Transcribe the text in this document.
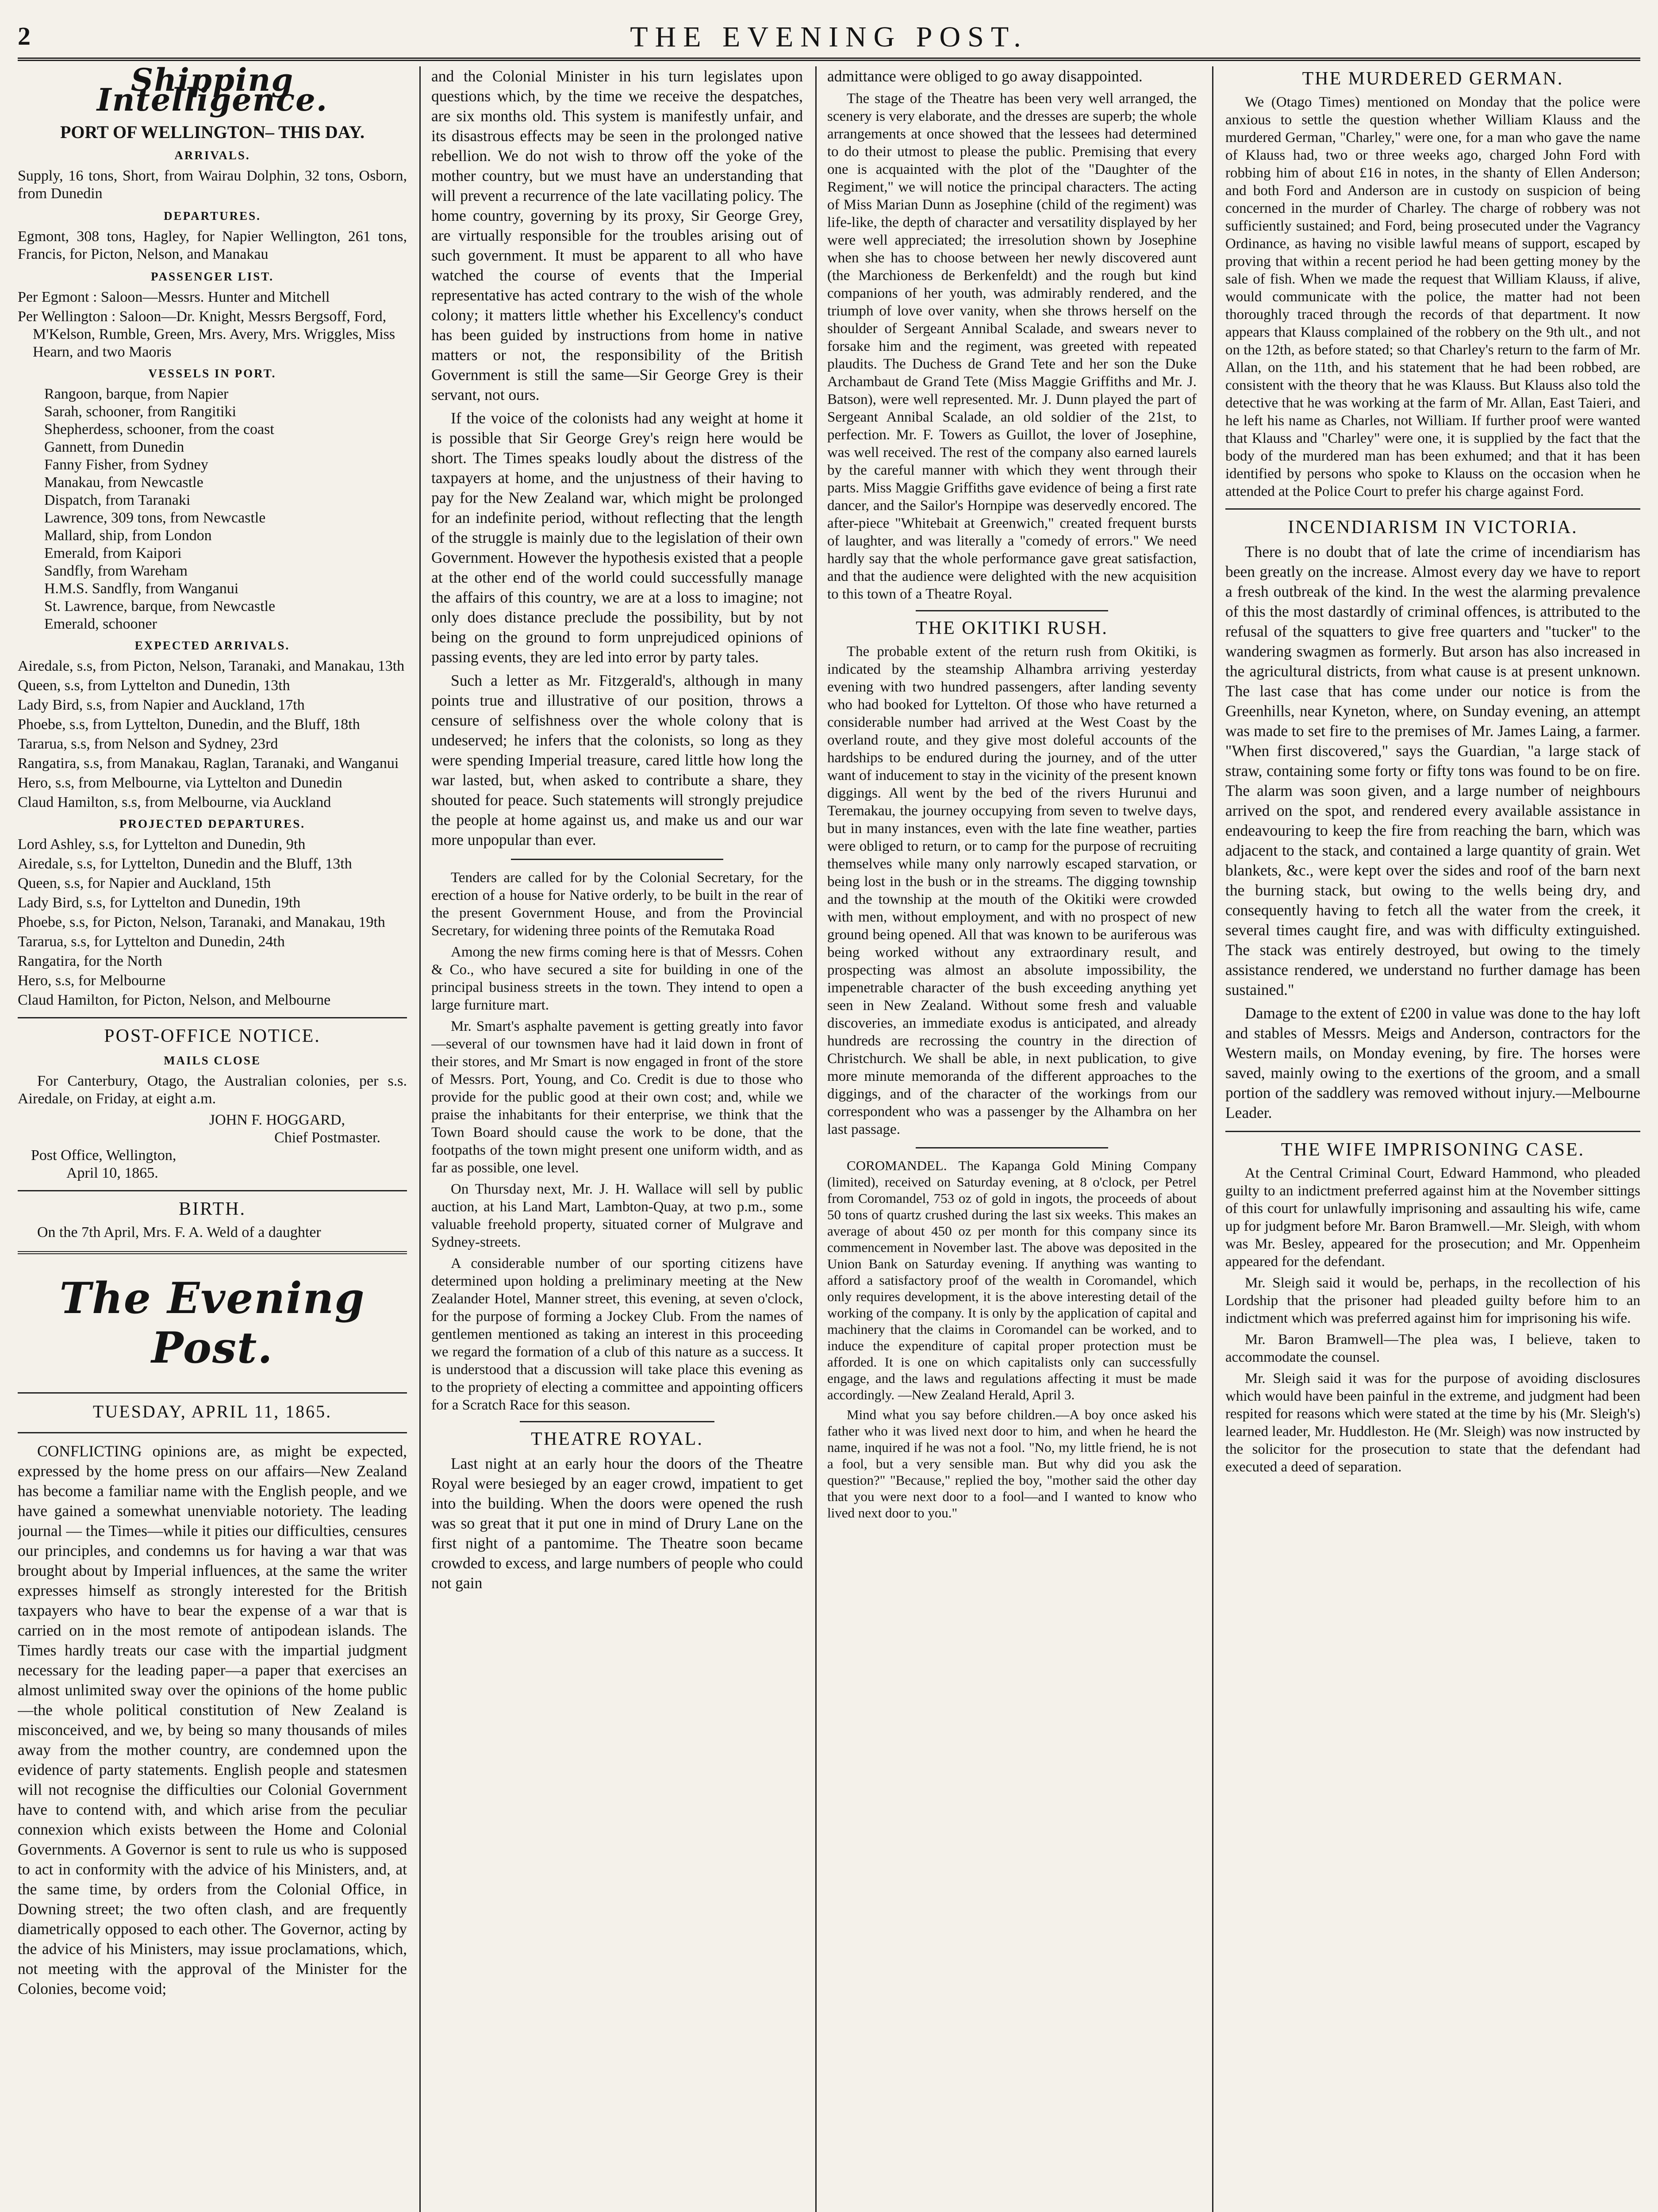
2	THE EVENING POST.
Shipping Intelligence.
PORT OF WELLINGTON– THIS DAY.
ARRIVALS.

Supply, 16 tons, Short, from Wairau Dolphin, 32 tons, Osborn, from Dunedin

DEPARTURES.

Egmont, 308 tons, Hagley, for Napier Wellington, 261 tons, Francis, for Picton, Nelson, and Manakau

PASSENGER LIST.

Per Egmont : Saloon—Messrs. Hunter and Mitchell

Per Wellington : Saloon—Dr. Knight, Messrs Bergsoff, Ford, M'Kelson, Rumble, Green, Mrs. Avery, Mrs. Wriggles, Miss Hearn, and two Maoris

VESSELS IN PORT.
Rangoon, barque, from Napier
Sarah, schooner, from Rangitiki
Shepherdess, schooner, from the coast
Gannett, from Dunedin
Fanny Fisher, from Sydney
Manakau, from Newcastle
Dispatch, from Taranaki
Lawrence, 309 tons, from Newcastle
Mallard, ship, from London
Emerald, from Kaipori
Sandfly, from Wareham
H.M.S. Sandfly, from Wanganui
St. Lawrence, barque, from Newcastle
Emerald, schooner
EXPECTED ARRIVALS.

Airedale, s.s, from Picton, Nelson, Taranaki, and Manakau, 13th

Queen, s.s, from Lyttelton and Dunedin, 13th

Lady Bird, s.s, from Napier and Auckland, 17th

Phoebe, s.s, from Lyttelton, Dunedin, and the Bluff, 18th

Tararua, s.s, from Nelson and Sydney, 23rd

Rangatira, s.s, from Manakau, Raglan, Taranaki, and Wanganui

Hero, s.s, from Melbourne, via Lyttelton and Dunedin

Claud Hamilton, s.s, from Melbourne, via Auckland

PROJECTED DEPARTURES.

Lord Ashley, s.s, for Lyttelton and Dunedin, 9th

Airedale, s.s, for Lyttelton, Dunedin and the Bluff, 13th

Queen, s.s, for Napier and Auckland, 15th

Lady Bird, s.s, for Lyttelton and Dunedin, 19th

Phoebe, s.s, for Picton, Nelson, Taranaki, and Manakau, 19th

Tararua, s.s, for Lyttelton and Dunedin, 24th

Rangatira, for the North

Hero, s.s, for Melbourne

Claud Hamilton, for Picton, Nelson, and Melbourne

POST-OFFICE NOTICE.
MAILS CLOSE

For Canterbury, Otago, the Australian colonies, per s.s. Airedale, on Friday, at eight a.m.

JOHN F. HOGGARD,
Chief Postmaster.
Post Office, Wellington,
April 10, 1865.
BIRTH.

On the 7th April, Mrs. F. A. Weld of a daughter

The Evening Post.
TUESDAY, APRIL 11, 1865.

CONFLICTING opinions are, as might be expected, expressed by the home press on our affairs—New Zealand has become a familiar name with the English people, and we have gained a somewhat unenviable notoriety. The leading journal — the Times—while it pities our difficulties, censures our principles, and condemns us for having a war that was brought about by Imperial influences, at the same the writer expresses himself as strongly interested for the British taxpayers who have to bear the expense of a war that is carried on in the most remote of antipodean islands. The Times hardly treats our case with the impartial judgment necessary for the leading paper—a paper that exercises an almost unlimited sway over the opinions of the home public—the whole political constitution of New Zealand is misconceived, and we, by being so many thousands of miles away from the mother country, are condemned upon the evidence of party statements. English people and statesmen will not recognise the difficulties our Colonial Government have to contend with, and which arise from the peculiar connexion which exists between the Home and Colonial Governments. A Governor is sent to rule us who is supposed to act in conformity with the advice of his Ministers, and, at the same time, by orders from the Colonial Office, in Downing street; the two often clash, and are frequently diametrically opposed to each other. The Governor, acting by the advice of his Ministers, may issue proclamations, which, not meeting with the approval of the Minister for the Colonies, become void;

and the Colonial Minister in his turn legislates upon questions which, by the time we receive the despatches, are six months old. This system is manifestly unfair, and its disastrous effects may be seen in the prolonged native rebellion. We do not wish to throw off the yoke of the mother country, but we must have an understanding that will prevent a recurrence of the late vacillating policy. The home country, governing by its proxy, Sir George Grey, are virtually responsible for the troubles arising out of such government. It must be apparent to all who have watched the course of events that the Imperial representative has acted contrary to the wish of the whole colony; it matters little whether his Excellency's conduct has been guided by instructions from home in native matters or not, the responsibility of the British Government is still the same—Sir George Grey is their servant, not ours.

If the voice of the colonists had any weight at home it is possible that Sir George Grey's reign here would be short. The Times speaks loudly about the distress of the taxpayers at home, and the unjustness of their having to pay for the New Zealand war, which might be prolonged for an indefinite period, without reflecting that the length of the struggle is mainly due to the legislation of their own Government. However the hypothesis existed that a people at the other end of the world could successfully manage the affairs of this country, we are at a loss to imagine; not only does distance preclude the possibility, but by not being on the ground to form unprejudiced opinions of passing events, they are led into error by party tales.

Such a letter as Mr. Fitzgerald's, although in many points true and illustrative of our position, throws a censure of selfishness over the whole colony that is undeserved; he infers that the colonists, so long as they were spending Imperial treasure, cared little how long the war lasted, but, when asked to contribute a share, they shouted for peace. Such statements will strongly prejudice the people at home against us, and make us and our war more unpopular than ever.

Tenders are called for by the Colonial Secretary, for the erection of a house for Native orderly, to be built in the rear of the present Government House, and from the Provincial Secretary, for widening three points of the Remutaka Road

Among the new firms coming here is that of Messrs. Cohen & Co., who have secured a site for building in one of the principal business streets in the town. They intend to open a large furniture mart.

Mr. Smart's asphalte pavement is getting greatly into favor—several of our townsmen have had it laid down in front of their stores, and Mr Smart is now engaged in front of the store of Messrs. Port, Young, and Co. Credit is due to those who provide for the public good at their own cost; and, while we praise the inhabitants for their enterprise, we think that the Town Board should cause the work to be done, that the footpaths of the town might present one uniform width, and as far as possible, one level.

On Thursday next, Mr. J. H. Wallace will sell by public auction, at his Land Mart, Lambton-Quay, at two p.m., some valuable freehold property, situated corner of Mulgrave and Sydney-streets.

A considerable number of our sporting citizens have determined upon holding a preliminary meeting at the New Zealander Hotel, Manner street, this evening, at seven o'clock, for the purpose of forming a Jockey Club. From the names of gentlemen mentioned as taking an interest in this proceeding we regard the formation of a club of this nature as a success. It is understood that a discussion will take place this evening as to the propriety of electing a committee and appointing officers for a Scratch Race for this season.

THEATRE ROYAL.

Last night at an early hour the doors of the Theatre Royal were besieged by an eager crowd, impatient to get into the building. When the doors were opened the rush was so great that it put one in mind of Drury Lane on the first night of a pantomime. The Theatre soon became crowded to excess, and large numbers of people who could not gain

admittance were obliged to go away disappointed.

The stage of the Theatre has been very well arranged, the scenery is very elaborate, and the dresses are superb; the whole arrangements at once showed that the lessees had determined to do their utmost to please the public. Premising that every one is acquainted with the plot of the "Daughter of the Regiment," we will notice the principal characters. The acting of Miss Marian Dunn as Josephine (child of the regiment) was life-like, the depth of character and versatility displayed by her were well appreciated; the irresolution shown by Josephine when she has to choose between her newly discovered aunt (the Marchioness de Berkenfeldt) and the rough but kind companions of her youth, was admirably rendered, and the triumph of love over vanity, when she throws herself on the shoulder of Sergeant Annibal Scalade, and swears never to forsake him and the regiment, was greeted with repeated plaudits. The Duchess de Grand Tete and her son the Duke Archambaut de Grand Tete (Miss Maggie Griffiths and Mr. J. Batson), were well represented. Mr. J. Dunn played the part of Sergeant Annibal Scalade, an old soldier of the 21st, to perfection. Mr. F. Towers as Guillot, the lover of Josephine, was well received. The rest of the company also earned laurels by the careful manner with which they went through their parts. Miss Maggie Griffiths gave evidence of being a first rate dancer, and the Sailor's Hornpipe was deservedly encored. The after-piece "Whitebait at Greenwich," created frequent bursts of laughter, and was literally a "comedy of errors." We need hardly say that the whole performance gave great satisfaction, and that the audience were delighted with the new acquisition to this town of a Theatre Royal.

THE OKITIKI RUSH.

The probable extent of the return rush from Okitiki, is indicated by the steamship Alhambra arriving yesterday evening with two hundred passengers, after landing seventy who had booked for Lyttelton. Of those who have returned a considerable number had arrived at the West Coast by the overland route, and they give most doleful accounts of the hardships to be endured during the journey, and of the utter want of inducement to stay in the vicinity of the present known diggings. All went by the bed of the rivers Hurunui and Teremakau, the journey occupying from seven to twelve days, but in many instances, even with the late fine weather, parties were obliged to return, or to camp for the purpose of recruiting themselves while many only narrowly escaped starvation, or being lost in the bush or in the streams. The digging township and the township at the mouth of the Okitiki were crowded with men, without employment, and with no prospect of new ground being opened. All that was known to be auriferous was being worked without any extraordinary result, and prospecting was almost an absolute impossibility, the impenetrable character of the bush exceeding anything yet seen in New Zealand. Without some fresh and valuable discoveries, an immediate exodus is anticipated, and already hundreds are recrossing the country in the direction of Christchurch. We shall be able, in next publication, to give more minute memoranda of the different approaches to the diggings, and of the character of the workings from our correspondent who was a passenger by the Alhambra on her last passage.

COROMANDEL. The Kapanga Gold Mining Company (limited), received on Saturday evening, at 8 o'clock, per Petrel from Coromandel, 753 oz of gold in ingots, the proceeds of about 50 tons of quartz crushed during the last six weeks. This makes an average of about 450 oz per month for this company since its commencement in November last. The above was deposited in the Union Bank on Saturday evening. If anything was wanting to afford a satisfactory proof of the wealth in Coromandel, which only requires development, it is the above interesting detail of the working of the company. It is only by the application of capital and machinery that the claims in Coromandel can be worked, and to induce the expenditure of capital proper protection must be afforded. It is one on which capitalists only can successfully engage, and the laws and regulations affecting it must be made accordingly. —New Zealand Herald, April 3.

Mind what you say before children.—A boy once asked his father who it was lived next door to him, and when he heard the name, inquired if he was not a fool. "No, my little friend, he is not a fool, but a very sensible man. But why did you ask the question?" "Because," replied the boy, "mother said the other day that you were next door to a fool—and I wanted to know who lived next door to you."

THE MURDERED GERMAN.

We (Otago Times) mentioned on Monday that the police were anxious to settle the question whether William Klauss and the murdered German, "Charley," were one, for a man who gave the name of Klauss had, two or three weeks ago, charged John Ford with robbing him of about £16 in notes, in the shanty of Ellen Anderson; and both Ford and Anderson are in custody on suspicion of being concerned in the murder of Charley. The charge of robbery was not sufficiently sustained; and Ford, being prosecuted under the Vagrancy Ordinance, as having no visible lawful means of support, escaped by proving that within a recent period he had been getting money by the sale of fish. When we made the request that William Klauss, if alive, would communicate with the police, the matter had not been thoroughly traced through the records of that department. It now appears that Klauss complained of the robbery on the 9th ult., and not on the 12th, as before stated; so that Charley's return to the farm of Mr. Allan, on the 11th, and his statement that he had been robbed, are consistent with the theory that he was Klauss. But Klauss also told the detective that he was working at the farm of Mr. Allan, East Taieri, and he left his name as Charles, not William. If further proof were wanted that Klauss and "Charley" were one, it is supplied by the fact that the body of the murdered man has been exhumed; and that it has been identified by persons who spoke to Klauss on the occasion when he attended at the Police Court to prefer his charge against Ford.

INCENDIARISM IN VICTORIA.

There is no doubt that of late the crime of incendiarism has been greatly on the increase. Almost every day we have to report a fresh outbreak of the kind. In the west the alarming prevalence of this the most dastardly of criminal offences, is attributed to the refusal of the squatters to give free quarters and "tucker" to the wandering swagmen as formerly. But arson has also increased in the agricultural districts, from what cause is at present unknown. The last case that has come under our notice is from the Greenhills, near Kyneton, where, on Sunday evening, an attempt was made to set fire to the premises of Mr. James Laing, a farmer. "When first discovered," says the Guardian, "a large stack of straw, containing some forty or fifty tons was found to be on fire. The alarm was soon given, and a large number of neighbours arrived on the spot, and rendered every available assistance in endeavouring to keep the fire from reaching the barn, which was adjacent to the stack, and contained a large quantity of grain. Wet blankets, &c., were kept over the sides and roof of the barn next the burning stack, but owing to the wells being dry, and consequently having to fetch all the water from the creek, it several times caught fire, and was with difficulty extinguished. The stack was entirely destroyed, but owing to the timely assistance rendered, we understand no further damage has been sustained."

Damage to the extent of £200 in value was done to the hay loft and stables of Messrs. Meigs and Anderson, contractors for the Western mails, on Monday evening, by fire. The horses were saved, mainly owing to the exertions of the groom, and a small portion of the saddlery was removed without injury.—Melbourne Leader.

THE WIFE IMPRISONING CASE.

At the Central Criminal Court, Edward Hammond, who pleaded guilty to an indictment preferred against him at the November sittings of this court for unlawfully imprisoning and assaulting his wife, came up for judgment before Mr. Baron Bramwell.—Mr. Sleigh, with whom was Mr. Besley, appeared for the prosecution; and Mr. Oppenheim appeared for the defendant.

Mr. Sleigh said it would be, perhaps, in the recollection of his Lordship that the prisoner had pleaded guilty before him to an indictment which was preferred against him for imprisoning his wife.

Mr. Baron Bramwell—The plea was, I believe, taken to accommodate the counsel.

Mr. Sleigh said it was for the purpose of avoiding disclosures which would have been painful in the extreme, and judgment had been respited for reasons which were stated at the time by his (Mr. Sleigh's) learned leader, Mr. Huddleston. He (Mr. Sleigh) was now instructed by the solicitor for the prosecution to state that the defendant had executed a deed of separation.
